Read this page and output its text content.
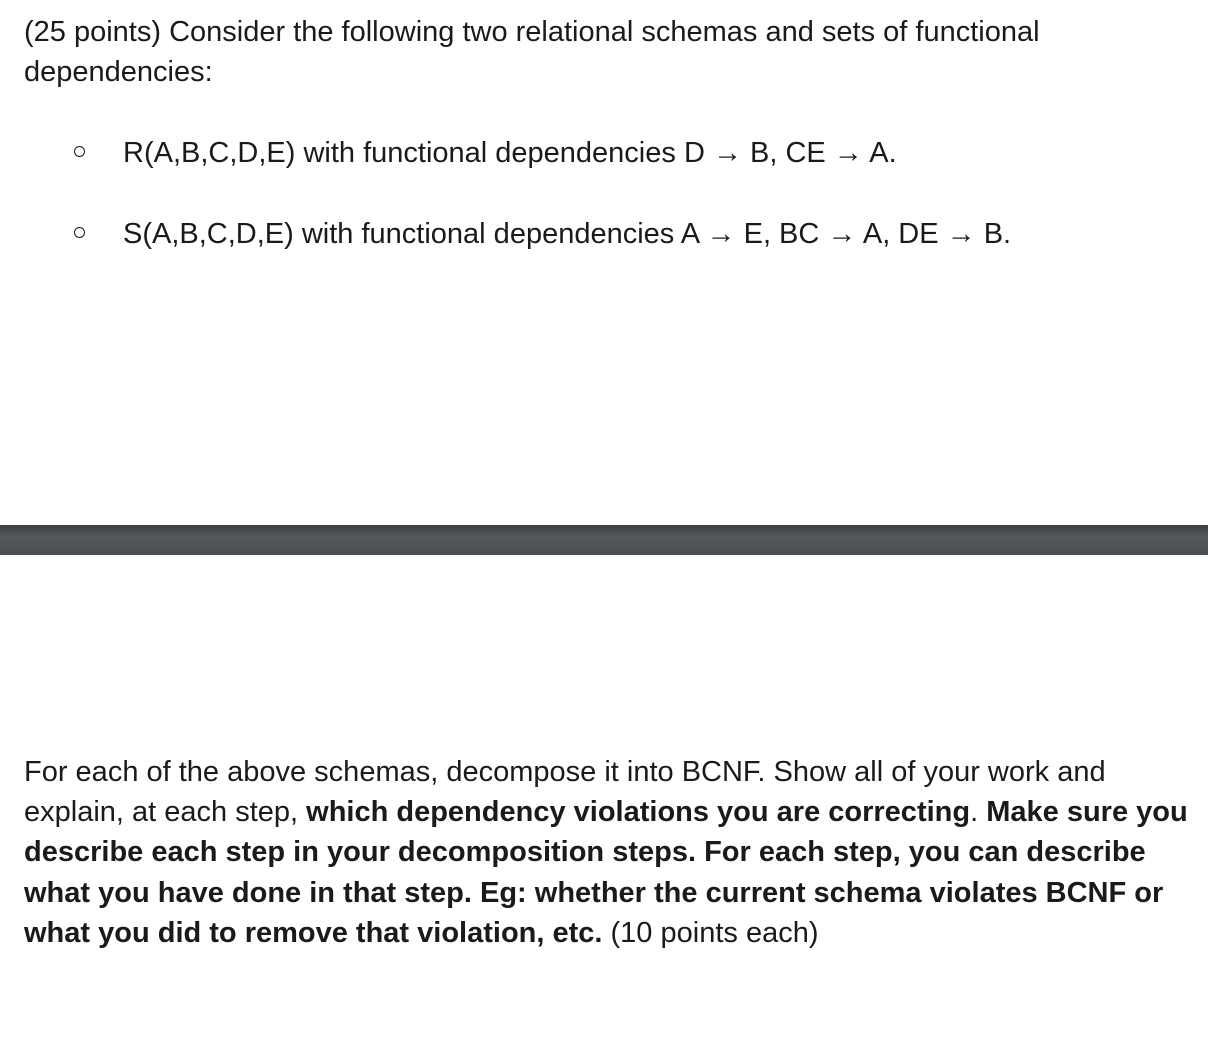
(25 points) Consider the following two relational schemas and sets of functional dependencies:

R(A,B,C,D,E) with functional dependencies D → B, CE → A.
S(A,B,C,D,E) with functional dependencies A → E, BC → A, DE → B.

For each of the above schemas, decompose it into BCNF. Show all of your work and explain, at each step, which dependency violations you are correcting. Make sure you describe each step in your decomposition steps. For each step, you can describe what you have done in that step. Eg: whether the current schema violates BCNF or what you did to remove that violation, etc. (10 points each)
